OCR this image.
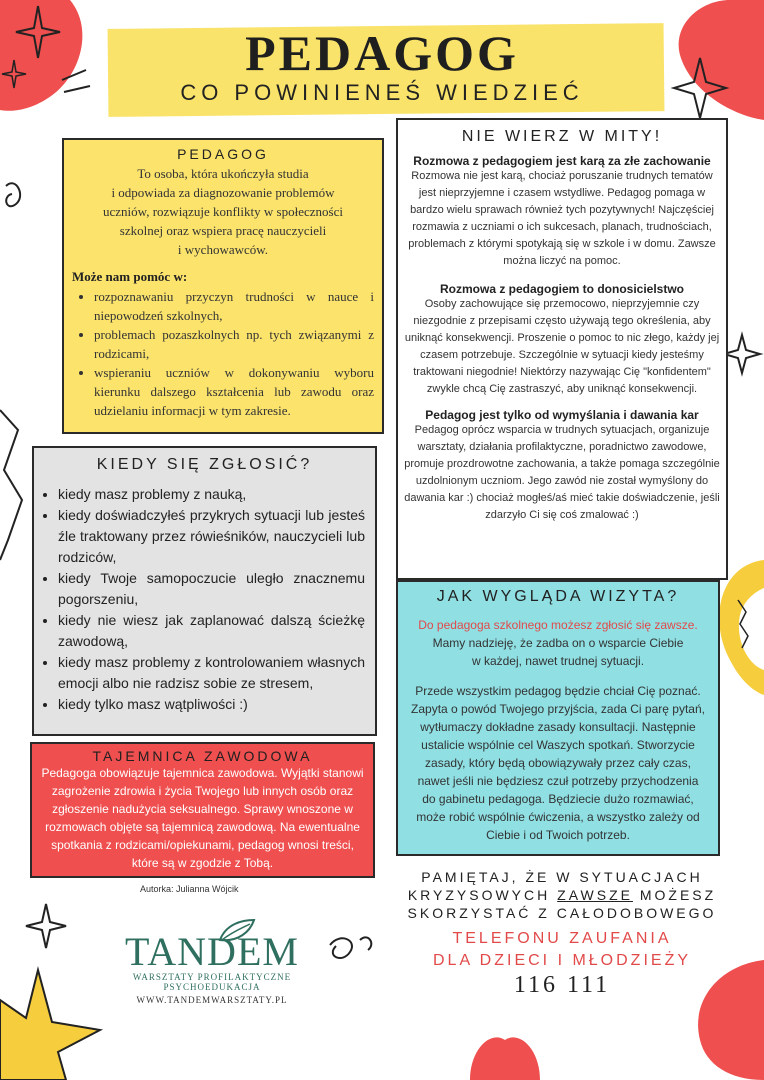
PEDAGOG
CO POWINIENEŚ WIEDZIEĆ
PEDAGOG
To osoba, która ukończyła studia
i odpowiada za diagnozowanie problemów
uczniów, rozwiązuje konflikty w społeczności
szkolnej oraz wspiera pracę nauczycieli
i wychowawców.
Może nam pomóc w:
• rozpoznawaniu przyczyn trudności w nauce i niepowodzeń szkolnych,
• problemach pozaszkolnych np. tych związanymi z rodzicami,
• wspieraniu uczniów w dokonywaniu wyboru kierunku dalszego kształcenia lub zawodu oraz udzielaniu informacji w tym zakresie.
KIEDY SIĘ ZGŁOSIĆ?
• kiedy masz problemy z nauką,
• kiedy doświadczyłeś przykrych sytuacji lub jesteś źle traktowany przez rówieśników, nauczycieli lub rodziców,
• kiedy Twoje samopoczucie uległo znacznemu pogorszeniu,
• kiedy nie wiesz jak zaplanować dalszą ścieżkę zawodową,
• kiedy masz problemy z kontrolowaniem własnych emocji albo nie radzisz sobie ze stresem,
• kiedy tylko masz wątpliwości :)
TAJEMNICA ZAWODOWA
Pedagoga obowiązuje tajemnica zawodowa. Wyjątki stanowi zagrożenie zdrowia i życia Twojego lub innych osób oraz zgłoszenie nadużycia seksualnego. Sprawy wnoszone w rozmowach objęte są tajemnicą zawodową. Na ewentualne spotkania z rodzicami/opiekunami, pedagog wnosi treści, które są w zgodzie z Tobą.
Autorka: Julianna Wójcik
TANDEM
WARSZTATY PROFILAKTYCZNE
PSYCHOEDUKACJA
WWW.TANDEMWARSZTATY.PL
NIE WIERZ W MITY!
Rozmowa z pedagogiem jest karą za złe zachowanie
Rozmowa nie jest karą, chociaż poruszanie trudnych tematów jest nieprzyjemne i czasem wstydliwe. Pedagog pomaga w bardzo wielu sprawach również tych pozytywnych! Najczęściej rozmawia z uczniami o ich sukcesach, planach, trudnościach, problemach z którymi spotykają się w szkole i w domu. Zawsze można liczyć na pomoc.
Rozmowa z pedagogiem to donosicielstwo
Osoby zachowujące się przemocowo, nieprzyjemnie czy niezgodnie z przepisami często używają tego określenia, aby uniknąć konsekwencji. Proszenie o pomoc to nic złego, każdy jej czasem potrzebuje. Szczególnie w sytuacji kiedy jesteśmy traktowani niegodnie! Niektórzy nazywając Cię "konfidentem" zwykle chcą Cię zastraszyć, aby uniknąć konsekwencji.
Pedagog jest tylko od wymyślania i dawania kar
Pedagog oprócz wsparcia w trudnych sytuacjach, organizuje warsztaty, działania profilaktyczne, poradnictwo zawodowe, promuje prozdrowotne zachowania, a także pomaga szczególnie uzdolnionym uczniom. Jego zawód nie został wymyślony do dawania kar :) chociaż mogłeś/aś mieć takie doświadczenie, jeśli zdarzyło Ci się coś zmalować :)
JAK WYGLĄDA WIZYTA?
Do pedagoga szkolnego możesz zgłosić się zawsze.
Mamy nadzieję, że zadba on o wsparcie Ciebie w każdej, nawet trudnej sytuacji.
Przede wszystkim pedagog będzie chciał Cię poznać. Zapyta o powód Twojego przyjścia, zada Ci parę pytań, wytłumaczy dokładne zasady konsultacji. Następnie ustalicie wspólnie cel Waszych spotkań. Stworzycie zasady, który będą obowiązywały przez cały czas, nawet jeśli nie będziesz czuł potrzeby przychodzenia do gabinetu pedagoga. Będziecie dużo rozmawiać, może robić wspólnie ćwiczenia, a wszystko zależy od Ciebie i od Twoich potrzeb.
PAMIĘTAJ, ŻE W SYTUACJACH
KRYZYSOWYCH ZAWSZE MOŻESZ
SKORZYSTAĆ Z CAŁODOBOWEGO
TELEFONU ZAUFANIA
DLA DZIECI I MŁODZIEŻY
116 111
